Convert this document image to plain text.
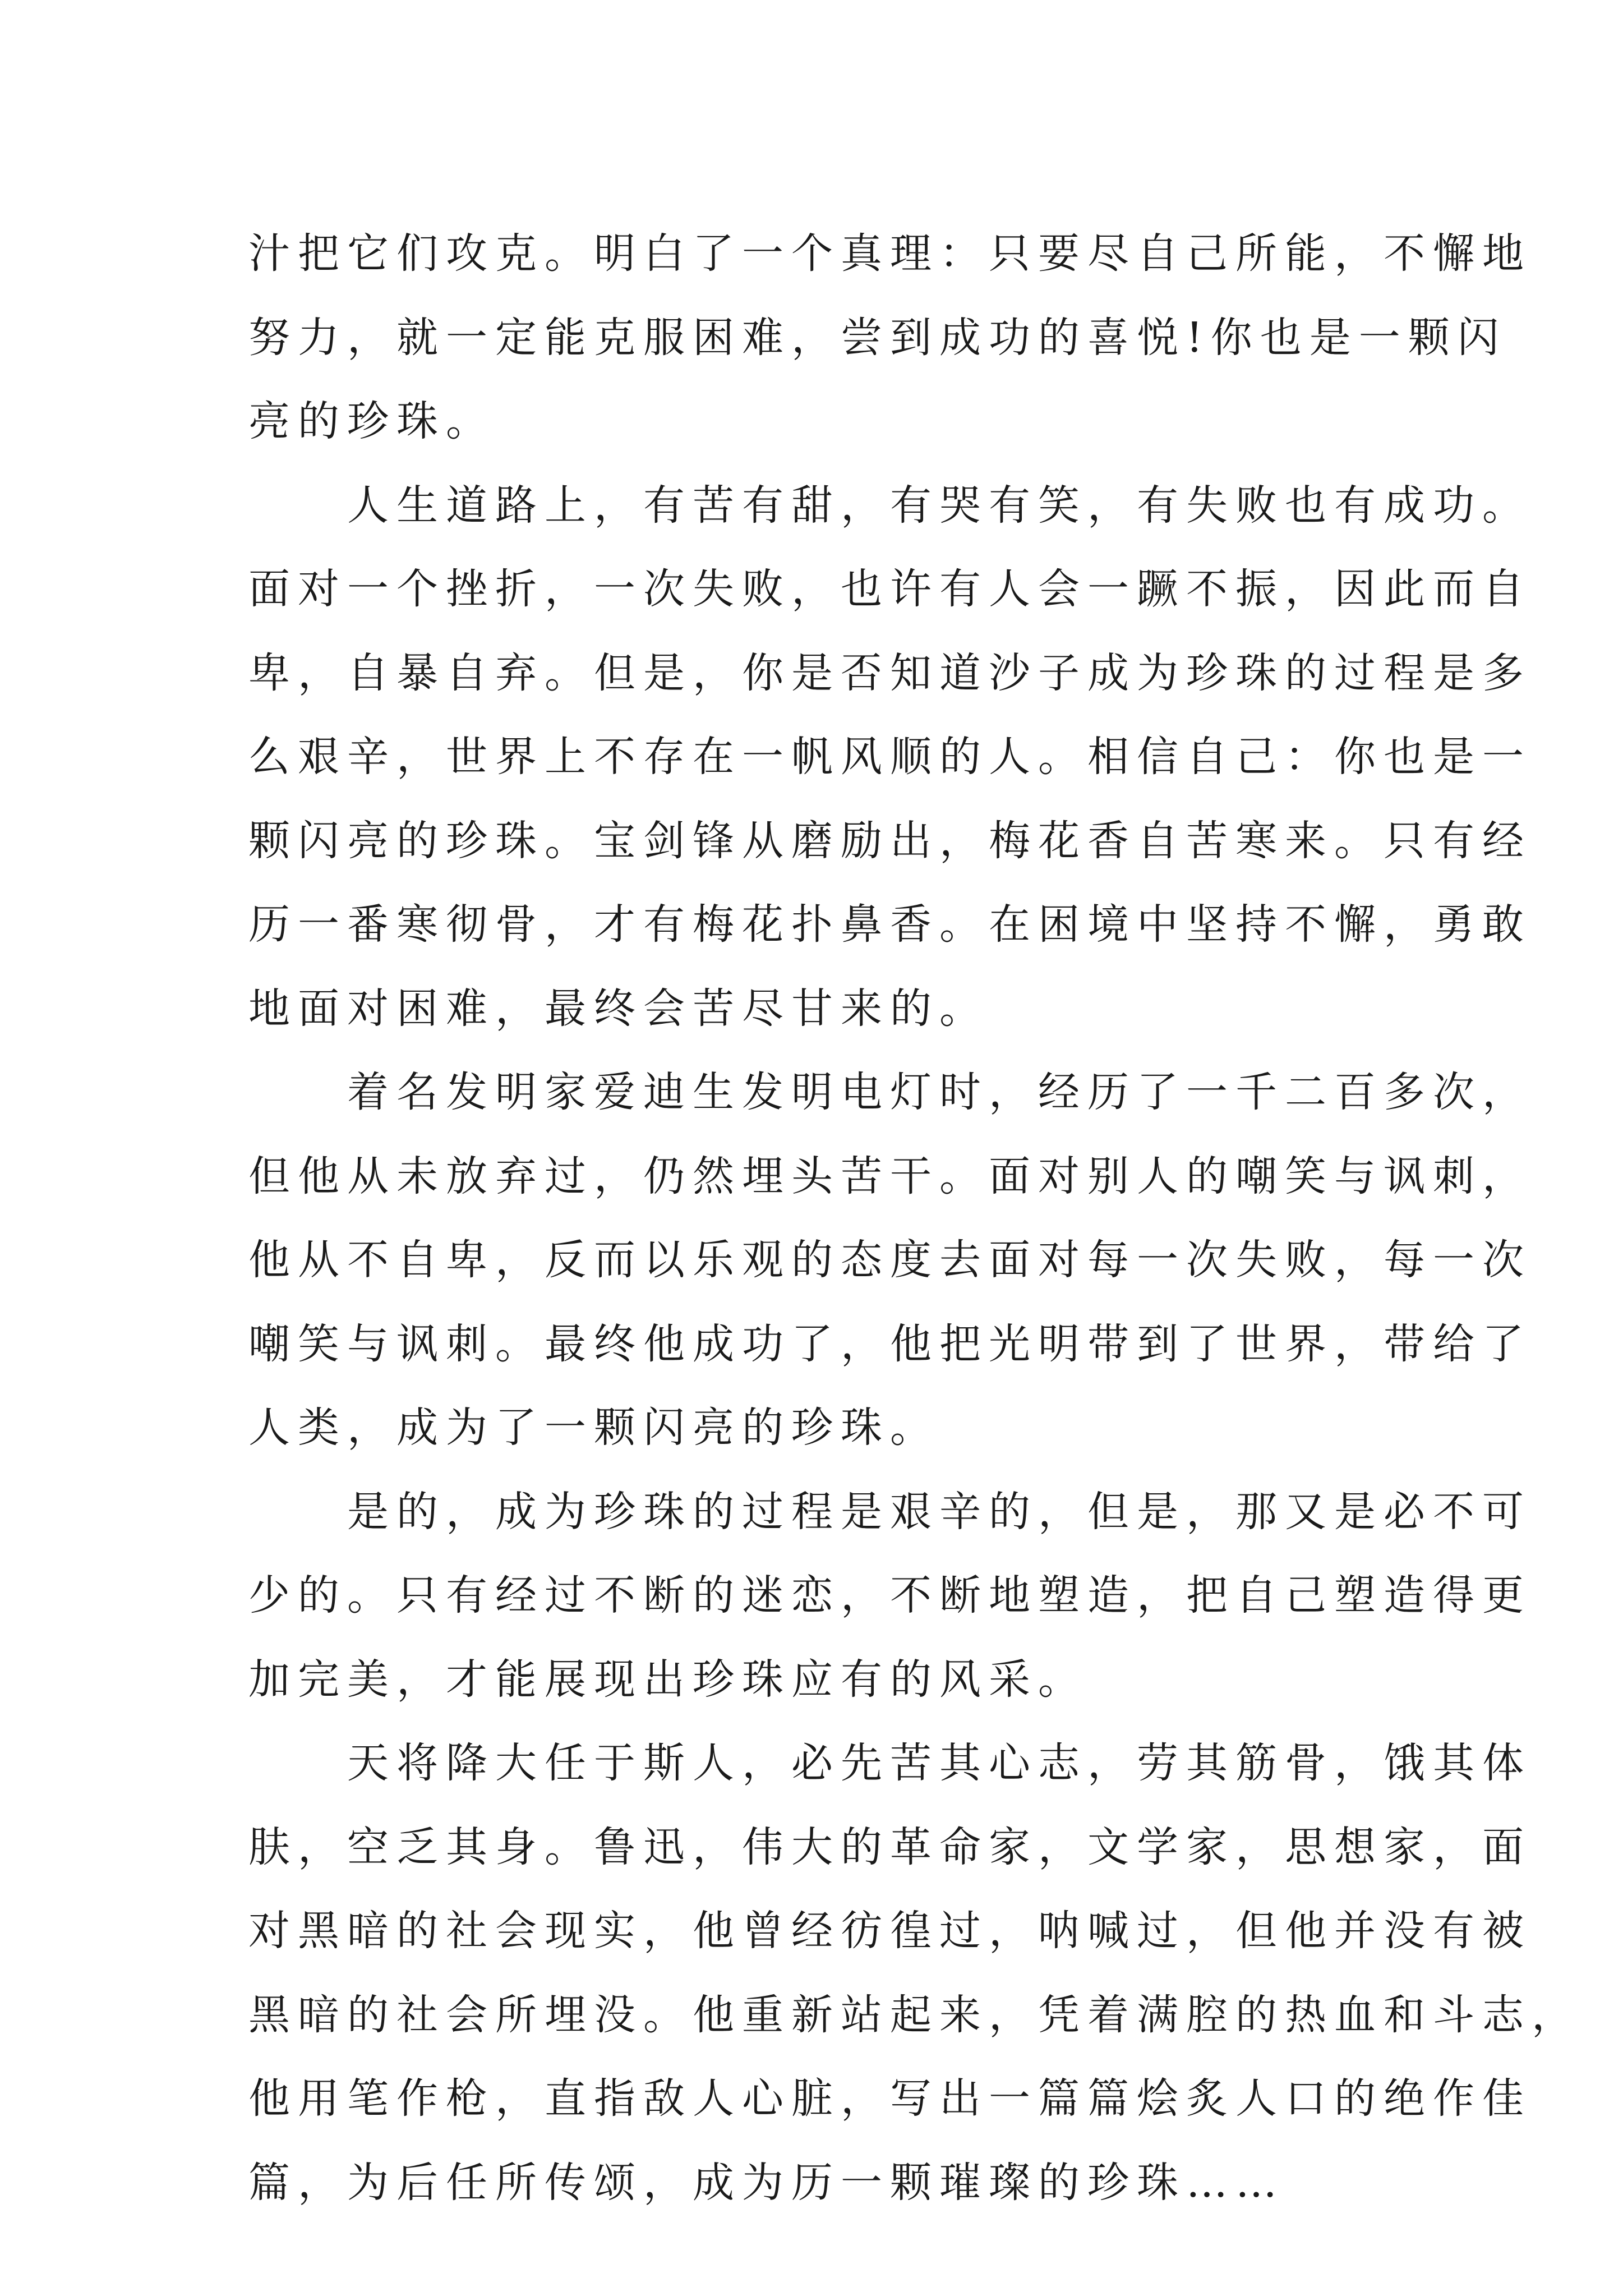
汁把它们攻克。明白了一个真理：只要尽自己所能，不懈地
努力，就一定能克服困难，尝到成功的喜悦!你也是一颗闪
亮的珍珠。

人生道路上，有苦有甜，有哭有笑，有失败也有成功。
面对一个挫折，一次失败，也许有人会一蹶不振，因此而自
卑，自暴自弃。但是，你是否知道沙子成为珍珠的过程是多
么艰辛，世界上不存在一帆风顺的人。相信自己：你也是一
颗闪亮的珍珠。宝剑锋从磨励出，梅花香自苦寒来。只有经
历一番寒彻骨，才有梅花扑鼻香。在困境中坚持不懈，勇敢
地面对困难，最终会苦尽甘来的。

着名发明家爱迪生发明电灯时，经历了一千二百多次，
但他从未放弃过，仍然埋头苦干。面对别人的嘲笑与讽刺，
他从不自卑，反而以乐观的态度去面对每一次失败，每一次
嘲笑与讽刺。最终他成功了，他把光明带到了世界，带给了
人类，成为了一颗闪亮的珍珠。

是的，成为珍珠的过程是艰辛的，但是，那又是必不可
少的。只有经过不断的迷恋，不断地塑造，把自己塑造得更
加完美，才能展现出珍珠应有的风采。

天将降大任于斯人，必先苦其心志，劳其筋骨，饿其体
肤，空乏其身。鲁迅，伟大的革命家，文学家，思想家，面
对黑暗的社会现实，他曾经彷徨过，呐喊过，但他并没有被
黑暗的社会所埋没。他重新站起来，凭着满腔的热血和斗志，
他用笔作枪，直指敌人心脏，写出一篇篇烩炙人口的绝作佳
篇，为后任所传颂，成为历一颗璀璨的珍珠……
